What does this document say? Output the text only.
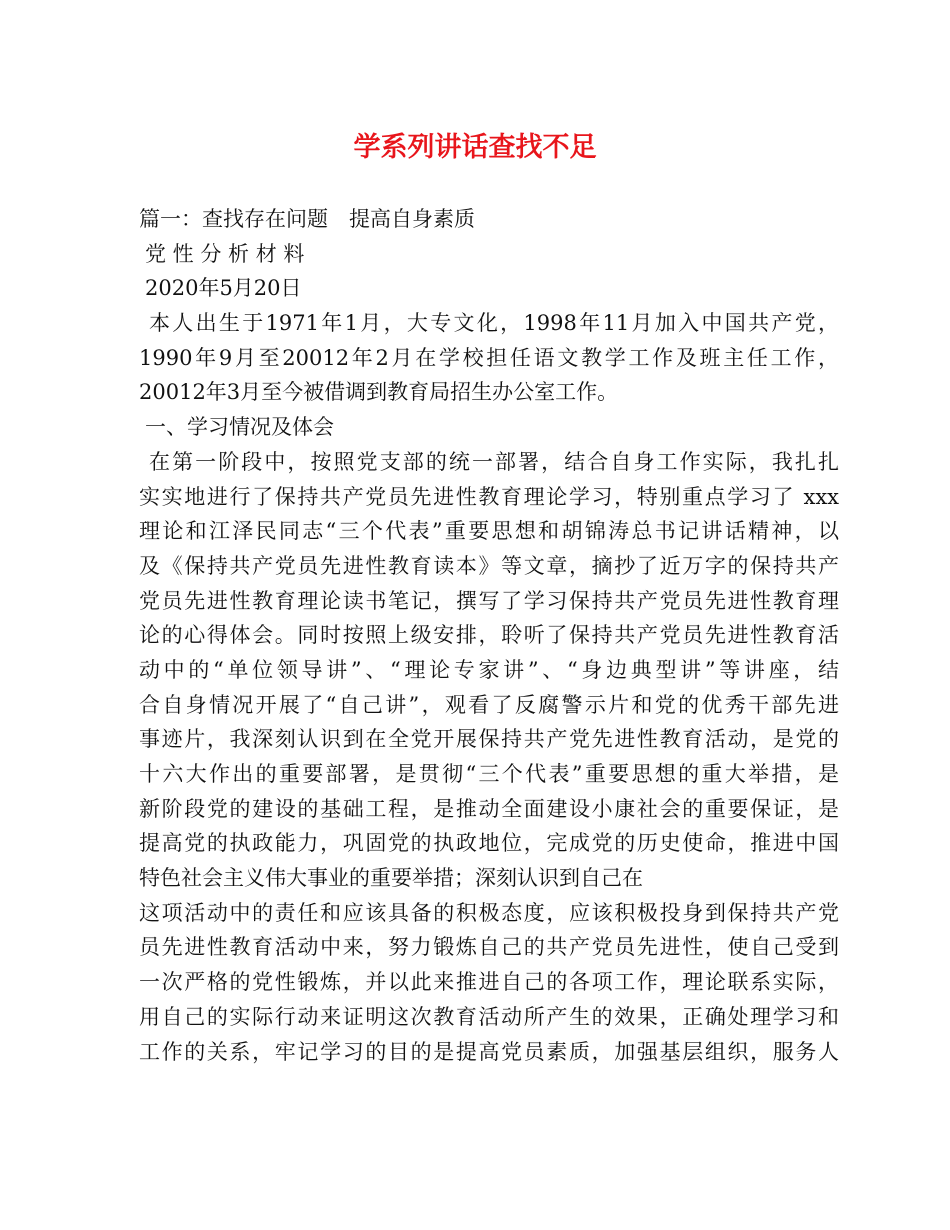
学系列讲话查找不足
篇一：查找存在问题　提高自身素质
党 性 分 析 材 料
2020年5月20日
本人出生于1971年1月，大专文化，1998年11月加入中国共产党，
1990年9月至20012年2月在学校担任语文教学工作及班主任工作，
20012年3月至今被借调到教育局招生办公室工作。
一、学习情况及体会
在第一阶段中，按照党支部的统一部署，结合自身工作实际，我扎扎
实实地进行了保持共产党员先进性教育理论学习，特别重点学习了 xxx
理论和江泽民同志“三个代表”重要思想和胡锦涛总书记讲话精神，以
及《保持共产党员先进性教育读本》等文章，摘抄了近万字的保持共产
党员先进性教育理论读书笔记，撰写了学习保持共产党员先进性教育理
论的心得体会。同时按照上级安排，聆听了保持共产党员先进性教育活
动中的“单位领导讲”、“理论专家讲”、“身边典型讲”等讲座，结
合自身情况开展了“自己讲”，观看了反腐警示片和党的优秀干部先进
事迹片，我深刻认识到在全党开展保持共产党先进性教育活动，是党的
十六大作出的重要部署，是贯彻“三个代表”重要思想的重大举措，是
新阶段党的建设的基础工程，是推动全面建设小康社会的重要保证，是
提高党的执政能力，巩固党的执政地位，完成党的历史使命，推进中国
特色社会主义伟大事业的重要举措；深刻认识到自己在
这项活动中的责任和应该具备的积极态度，应该积极投身到保持共产党
员先进性教育活动中来，努力锻炼自己的共产党员先进性，使自己受到
一次严格的党性锻炼，并以此来推进自己的各项工作，理论联系实际，
用自己的实际行动来证明这次教育活动所产生的效果，正确处理学习和
工作的关系，牢记学习的目的是提高党员素质，加强基层组织，服务人
